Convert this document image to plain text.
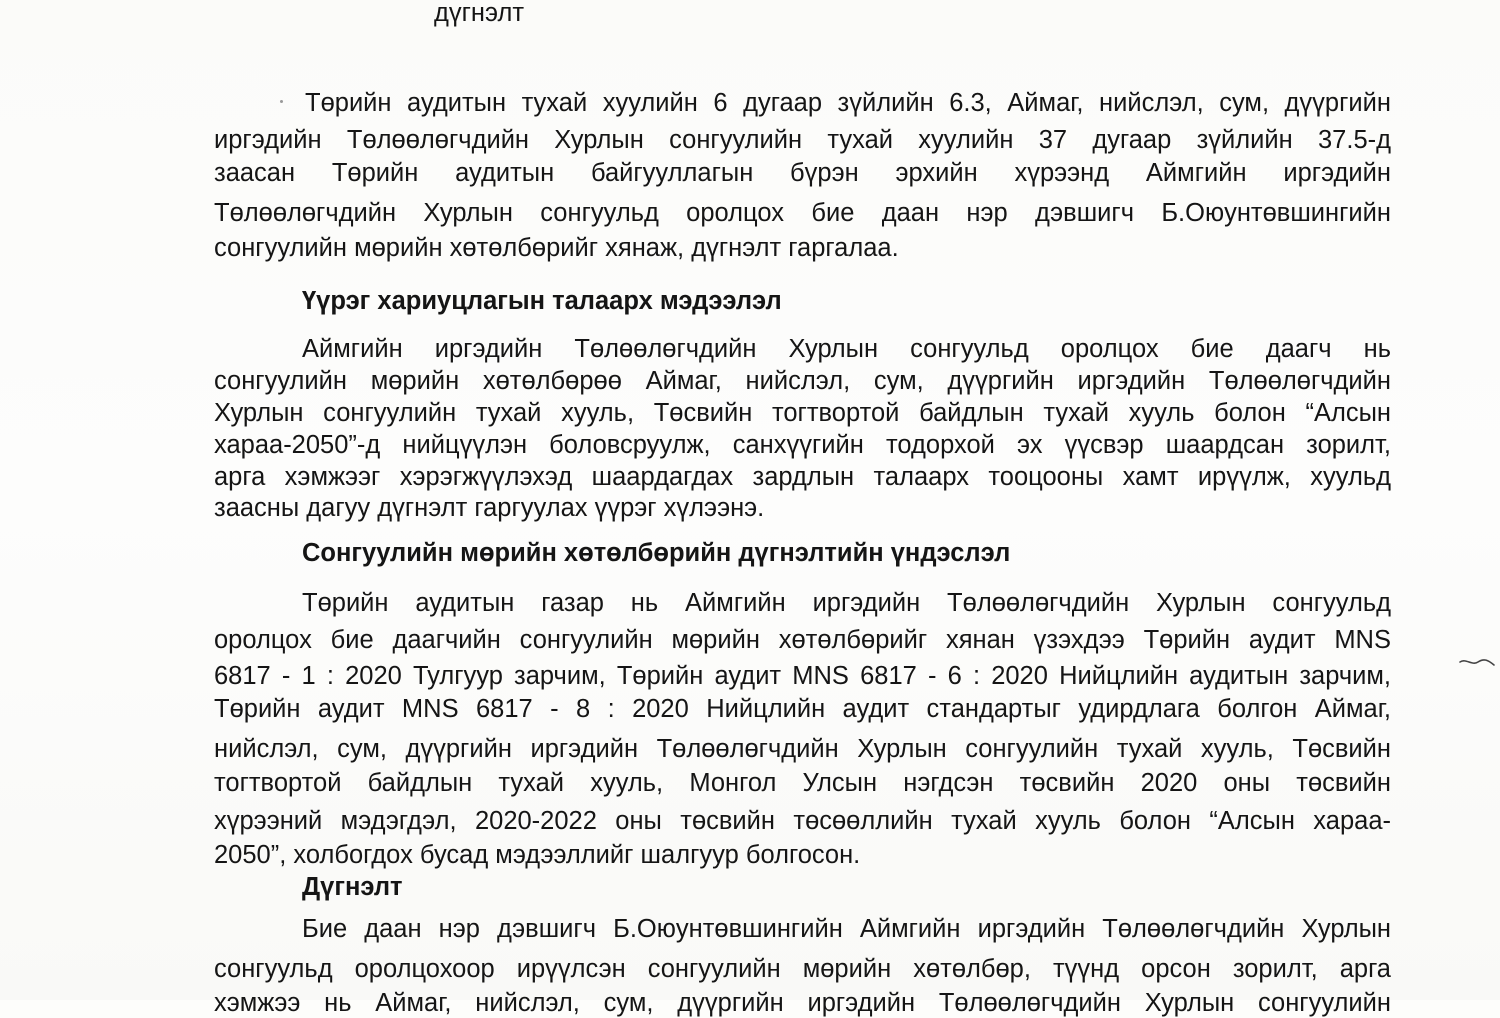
дүгнэлт
Төрийн аудитын тухай хуулийн 6 дугаар зүйлийн 6.3, Аймаг, нийслэл, сум, дүүргийн
иргэдийн Төлөөлөгчдийн Хурлын сонгуулийн тухай хуулийн 37 дугаар зүйлийн 37.5-д
заасан Төрийн аудитын байгууллагын бүрэн эрхийн хүрээнд Аймгийн иргэдийн
Төлөөлөгчдийн Хурлын сонгуульд оролцох бие даан нэр дэвшигч Б.Оюунтөвшингийн
сонгуулийн мөрийн хөтөлбөрийг хянаж, дүгнэлт гаргалаа.
Үүрэг хариуцлагын талаарх мэдээлэл
Аймгийн иргэдийн Төлөөлөгчдийн Хурлын сонгуульд оролцох бие даагч нь
сонгуулийн мөрийн хөтөлбөрөө Аймаг, нийслэл, сум, дүүргийн иргэдийн Төлөөлөгчдийн
Хурлын сонгуулийн тухай хууль, Төсвийн тогтвортой байдлын тухай хууль болон “Алсын
хараа-2050”-д нийцүүлэн боловсруулж, санхүүгийн тодорхой эх үүсвэр шаардсан зорилт,
арга хэмжээг хэрэгжүүлэхэд шаардагдах зардлын талаарх тооцооны хамт ирүүлж, хуульд
заасны дагуу дүгнэлт гаргуулах үүрэг хүлээнэ.
Сонгуулийн мөрийн хөтөлбөрийн дүгнэлтийн үндэслэл
Төрийн аудитын газар нь Аймгийн иргэдийн Төлөөлөгчдийн Хурлын сонгуульд
оролцох бие даагчийн сонгуулийн мөрийн хөтөлбөрийг хянан үзэхдээ Төрийн аудит MNS
6817 - 1 : 2020 Тулгуур зарчим, Төрийн аудит MNS 6817 - 6 : 2020 Нийцлийн аудитын зарчим,
Төрийн аудит MNS 6817 - 8 : 2020 Нийцлийн аудит стандартыг удирдлага болгон Аймаг,
нийслэл, сум, дүүргийн иргэдийн Төлөөлөгчдийн Хурлын сонгуулийн тухай хууль, Төсвийн
тогтвортой байдлын тухай хууль, Монгол Улсын нэгдсэн төсвийн 2020 оны төсвийн
хүрээний мэдэгдэл, 2020-2022 оны төсвийн төсөөллийн тухай хууль болон “Алсын хараа-
2050”, холбогдох бусад мэдээллийг шалгуур болгосон.
Дүгнэлт
Бие даан нэр дэвшигч Б.Оюунтөвшингийн Аймгийн иргэдийн Төлөөлөгчдийн Хурлын
сонгуульд оролцохоор ирүүлсэн сонгуулийн мөрийн хөтөлбөр, түүнд орсон зорилт, арга
хэмжээ нь Аймаг, нийслэл, сум, дүүргийн иргэдийн Төлөөлөгчдийн Хурлын сонгуулийн
